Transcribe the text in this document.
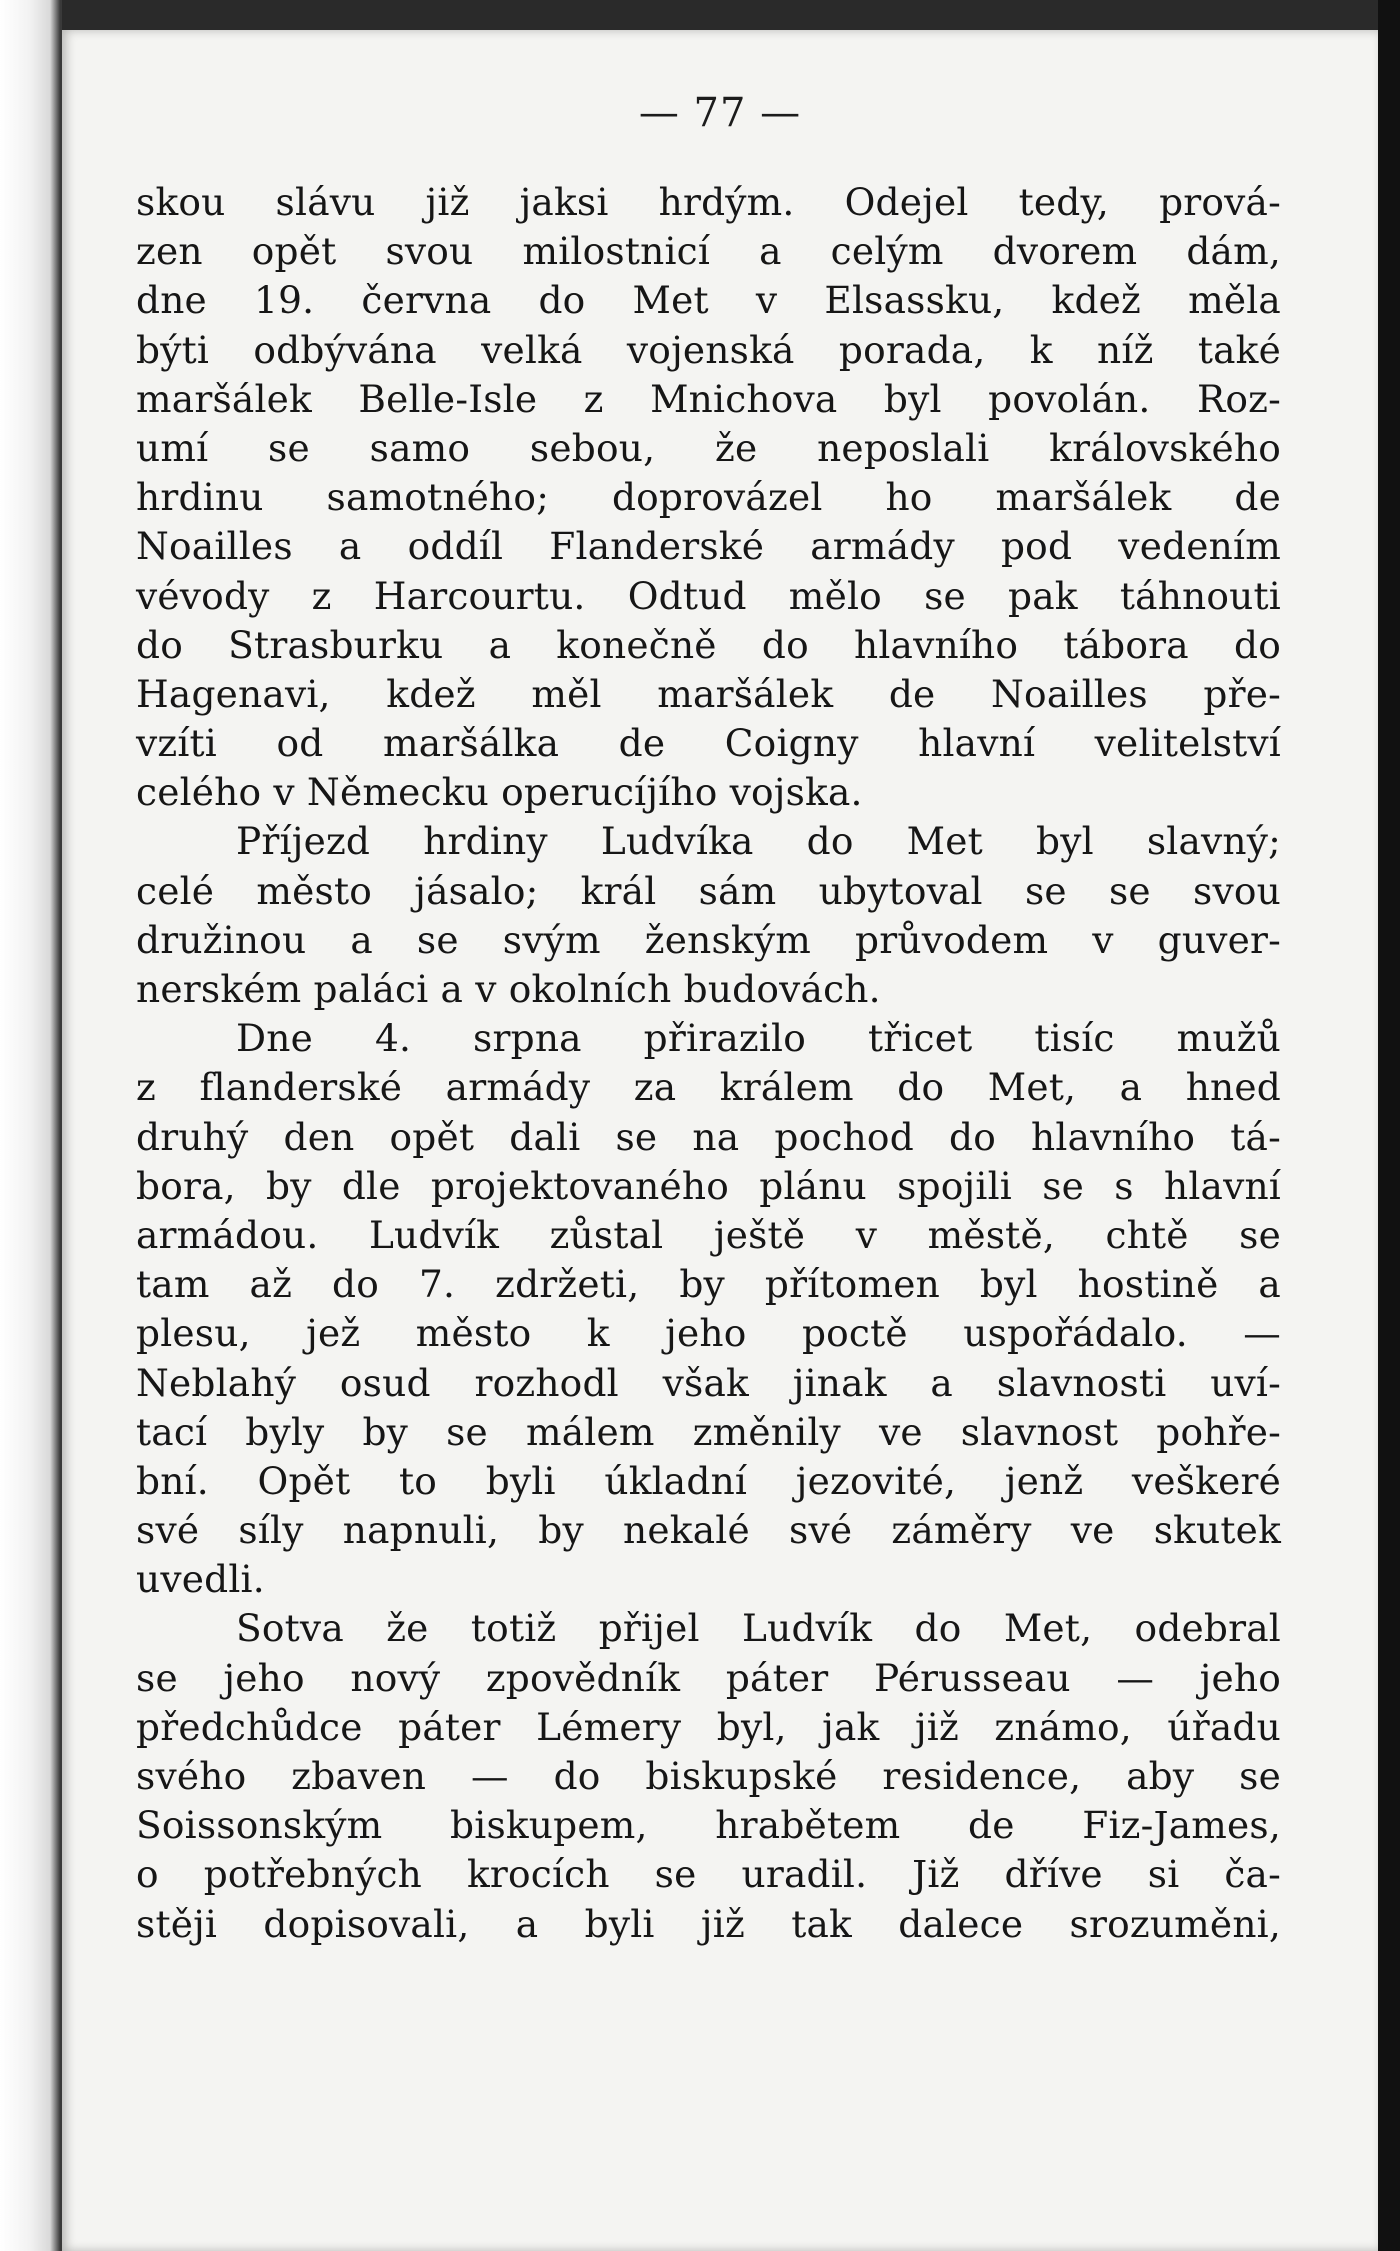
— 77 —
skou slávu již jaksi hrdým. Odejel tedy, prová-
zen opět svou milostnicí a celým dvorem dám,
dne 19. června do Met v Elsassku, kdež měla
býti odbývána velká vojenská porada, k níž také
maršálek Belle-Isle z Mnichova byl povolán. Roz-
umí se samo sebou, že neposlali královského
hrdinu samotného; doprovázel ho maršálek de
Noailles a oddíl Flanderské armády pod vedením
vévody z Harcourtu. Odtud mělo se pak táhnouti
do Strasburku a konečně do hlavního tábora do
Hagenavi, kdež měl maršálek de Noailles pře-
vzíti od maršálka de Coigny hlavní velitelství
celého v Německu operucíjího vojska.
Příjezd hrdiny Ludvíka do Met byl slavný;
celé město jásalo; král sám ubytoval se se svou
družinou a se svým ženským průvodem v guver-
nerském paláci a v okolních budovách.
Dne 4. srpna přirazilo třicet tisíc mužů
z flanderské armády za králem do Met, a hned
druhý den opět dali se na pochod do hlavního tá-
bora, by dle projektovaného plánu spojili se s hlavní
armádou. Ludvík zůstal ještě v městě, chtě se
tam až do 7. zdržeti, by přítomen byl hostině a
plesu, jež město k jeho poctě uspořádalo. —
Neblahý osud rozhodl však jinak a slavnosti uví-
tací byly by se málem změnily ve slavnost pohře-
bní. Opět to byli úkladní jezovité, jenž veškeré
své síly napnuli, by nekalé své záměry ve skutek
uvedli.
Sotva že totiž přijel Ludvík do Met, odebral
se jeho nový zpovědník páter Pérusseau — jeho
předchůdce páter Lémery byl, jak již známo, úřadu
svého zbaven — do biskupské residence, aby se
Soissonským biskupem, hrabětem de Fiz-James,
o potřebných krocích se uradil. Již dříve si ča-
stěji dopisovali, a byli již tak dalece srozuměni,
